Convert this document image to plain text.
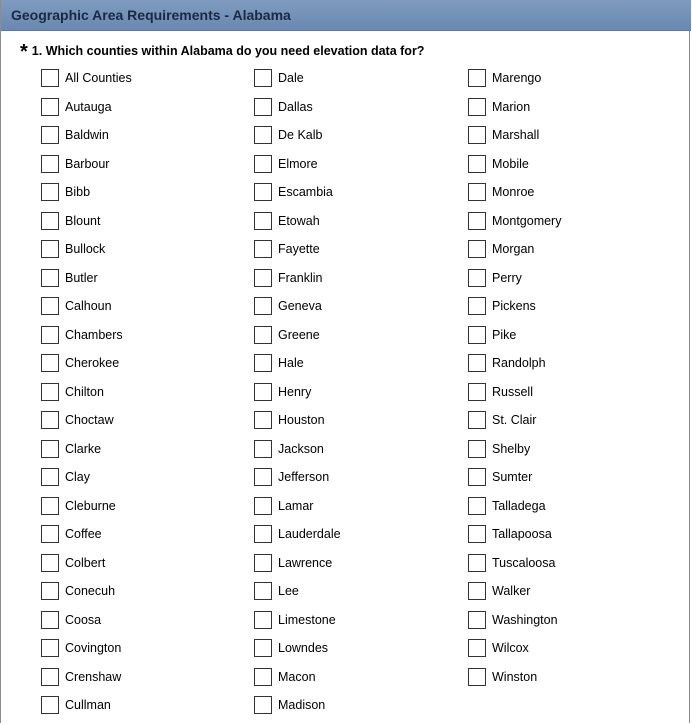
Geographic Area Requirements - Alabama
* 1. Which counties within Alabama do you need elevation data for?
All Counties
Autauga
Baldwin
Barbour
Bibb
Blount
Bullock
Butler
Calhoun
Chambers
Cherokee
Chilton
Choctaw
Clarke
Clay
Cleburne
Coffee
Colbert
Conecuh
Coosa
Covington
Crenshaw
Cullman
Dale
Dallas
De Kalb
Elmore
Escambia
Etowah
Fayette
Franklin
Geneva
Greene
Hale
Henry
Houston
Jackson
Jefferson
Lamar
Lauderdale
Lawrence
Lee
Limestone
Lowndes
Macon
Madison
Marengo
Marion
Marshall
Mobile
Monroe
Montgomery
Morgan
Perry
Pickens
Pike
Randolph
Russell
St. Clair
Shelby
Sumter
Talladega
Tallapoosa
Tuscaloosa
Walker
Washington
Wilcox
Winston
